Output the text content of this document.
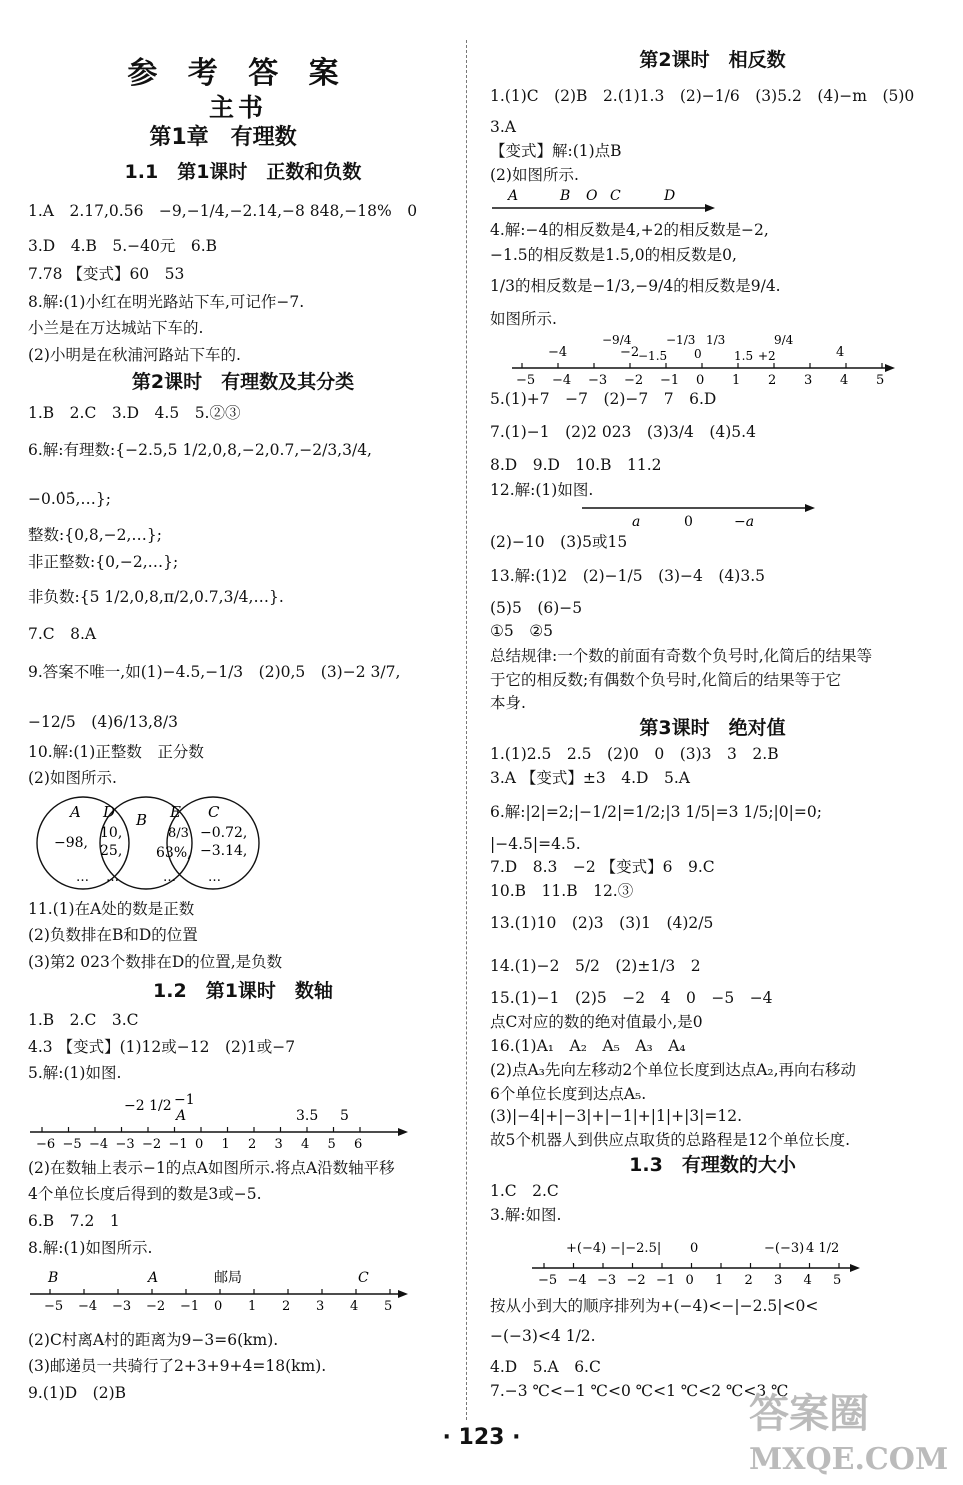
参 考 答 案
主书
第1章　有理数
1.1　第1课时　正数和负数
1.A　2.17,0.56　−9,−1/4,−2.14,−8 848,−18%　0
3.D　4.B　5.−40元　6.B
7.78 【变式】60　53
8.解:(1)小红在明光路站下车,可记作−7.
小兰是在万达城站下车的.
(2)小明是在秋浦河路站下车的.
第2课时　有理数及其分类
1.B　2.C　3.D　4.5　5.②③
6.解:有理数:{−2.5,5 1/2,0,8,−2,0.7,−2/3,3/4,
−0.0̇5̇,…};
整数:{0,8,−2,…};
非正整数:{0,−2,…};
非负数:{5 1/2,0,8,π/2,0.7,3/4,…}.
7.C　8.A
9.答案不唯一,如(1)−4.5,−1/3　(2)0,5　(3)−2 3/7,
−12/5　(4)6/13,8/3
10.解:(1)正整数　正分数
(2)如图所示.
A D B E C
−98,
…
10,
25,
…
8/3
63%,
…
−0.72,
−3.14,
…
11.(1)在A处的数是正数
(2)负数排在B和D的位置
(3)第2 023个数排在D的位置,是负数
1.2　第1课时　数轴
1.B　2.C　3.C
4.3 【变式】(1)12或−12　(2)1或−7
5.解:(1)如图.
−6 −5 −4 −3 −2 −1 0 1 2 3 4 5 6
−2 1/2 −1
A	3.5 5
(2)在数轴上表示−1的点A如图所示.将点A沿数轴平移
4个单位长度后得到的数是3或−5.
6.B　7.2　1
8.解:(1)如图所示.
−5 −4 −3 −2 −1 0 1 2 3 4 5
B	A	邮局	C
(2)C村离A村的距离为9−3=6(km).
(3)邮递员一共骑行了2+3+9+4=18(km).
9.(1)D　(2)B
第2课时　相反数
1.(1)C　(2)B　2.(1)1.3　(2)−1/6　(3)5.2　(4)−m　(5)0
3.A
【变式】解:(1)点B
(2)如图所示.
A	B O C	D
4.解:−4的相反数是4,+2的相反数是−2,
−1.5的相反数是1.5,0的相反数是0,
1/3的相反数是−1/3,−9/4的相反数是9/4.
如图所示.
−5 −4 −3 −2 −1 0 1 2 3 4 5
−4
−9/4
−2
−1.5
−1/3
0
1/3
1.5 +2
9/4
4
5.(1)+7　−7　(2)−7　7　6.D
7.(1)−1　(2)2 023　(3)3/4　(4)5.4
8.D　9.D　10.B　11.2
12.解:(1)如图.
a	0	−a
(2)−10　(3)5或15
13.解:(1)2　(2)−1/5　(3)−4　(4)3.5
(5)5　(6)−5
①5　②5
总结规律:一个数的前面有奇数个负号时,化简后的结果等
于它的相反数;有偶数个负号时,化简后的结果等于它
本身.
第3课时　绝对值
1.(1)2.5　2.5　(2)0　0　(3)3　3　2.B
3.A 【变式】±3　4.D　5.A
6.解:|2|=2;|−1/2|=1/2;|3 1/5|=3 1/5;|0|=0;
|−4.5|=4.5.
7.D　8.3　−2 【变式】6　9.C
10.B　11.B　12.③
13.(1)10　(2)3　(3)1　(4)2/5
14.(1)−2　5/2　(2)±1/3　2
15.(1)−1　(2)5　−2　4　0　−5　−4
点C对应的数的绝对值最小,是0
16.(1)A₁　A₂　A₅　A₃　A₄
(2)点A₃先向左移动2个单位长度到达点A₂,再向右移动
6个单位长度到达点A₅.
(3)|−4|+|−3|+|−1|+|1|+|3|=12.
故5个机器人到供应点取货的总路程是12个单位长度.
1.3　有理数的大小
1.C　2.C
3.解:如图.
−5 −4 −3 −2 −1 0 1 2 3 4 5
+(−4) −|−2.5| 0	−(−3) 4 1/2
按从小到大的顺序排列为+(−4)<−|−2.5|<0<
−(−3)<4 1/2.
4.D　5.A　6.C
7.−3 ℃<−1 ℃<0 ℃<1 ℃<2 ℃<3 ℃
· 123 ·
答案圈
MXQE.COM
